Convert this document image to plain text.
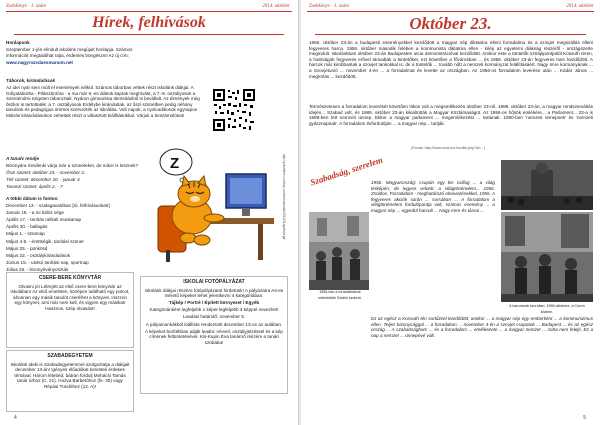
Zsebkönyv · 1. szám	2014. október
Hírek, felhívások

Honlapunk

Szeptember 1-jén elindult iskolánk megújult honlapja. Számos információt megtalálhat rajta, érdemes böngészni! Az új cím:

www.nagyrozsdaesmanum.net

Táborok, kirándulások

Az idei nyár sem múlt el események nélkül. Számos táborban vettek részt iskolánk diákjai. A Gólyatáborba - Pilisszántóra - a ma már 9.-es diákok kaptak meghívást, a 7.-8. osztályosok a Szentendrei szigeten táboroztak. Nyáron gimnazista ökrösításból is bevállalt. Az élmények még őszkor is tartottaték: a 7. osztályosok Erdélybe kirándultak, az őszi szünetben pedig néhány tanulónk és pedagógus örömet szervezték az iskolába. Volt napok, a nyolcadikosok egynapos Mátrás kirándulásokon vehettek részt a választott kiállításokkal. Várjuk a beszámolókat!

A tanulv rendje

Bizonyára mindenki várja már a szüneteket, de mikor is lesznek?

Őszi szünet: október 23. - november 2.

Téli szünet: december 20. - január 4.

Tavaszi szünet: április 2. - 7.

A többi dátum is fontos:

December 13. - szalagavatóban [tó. felhívásunkat!]

Január 16. - a mi hálóz vége

Április 17. - tanítás nélküli munkanap

Április 30. - ballagás

Május 1. - szünnap

Május 4-5. - érettségik, tanítási szünet

Május 25. - pünkösd

Május 22. - osztálykirándulások

Június 15. - utolsó tanítási nap, sportnap

Július 26. - bizonyítványosztás

Z	http://pulsefibre.com/wp-content/uploads/2014/01/garfield.gif
CSERE-BERE KÖNYVTÁR

Olvasni jó! Létrejött az első csere-bere könyvtár az iskolában! Az első emeleten, középen található egy polcot, ahonnan egy másik tanulót cserélhet a könyvet. Hozzon egy könyvet, ami már nem kell, és vigyen egy másikat! Hasznos, szép olvasást!

SZABADEGYETEM

Iskolánk ideki is Szabadegyetemmel szolgoztatja a diákjait december 13-án! Igényes előadókat kerestek érdekes témával. Három létebéd, bátran fordulj Mohácsi Tamás tanár úrhoz (C. 21). Hozva Barbetóhoz (fe. 30) vagy Répási Tündéhez (12. A)!

ISKOLAI FOTÓPÁLYÁZAT

Iskolánk diákjai részére fotópályázatot hirdetünk! A pályázatra A4-es méretű képeket lehet jelentkezni 4 kategóriában:

Tájkép / Portré / Épített környezet / Egyéb

Kategóriánként legfeljebb 1 képet legfeljebb 3 képpel nevezhet!

Leadási határidő: november 5.

A pályamunkákból kiállítás rendezünk december 13-on az aulában.

A képeket borítékban adják leadni: névvel, osztályjelzéssel és a kép címének feltüntetésével. Kis-Kupin Éva tanárnő részére a tanári szobába!

4
Zsebkönyv · 1. szám	2014. október
Október 23.
1956. október 23-án a budapesti eseményekkel kezdődött a magyar nép diktatúra elleni forradalma és a szovjet megszállás elleni fegyveres harca. 1956. október második felében a kommunista diktatúra ellen - kilép az egyetemi diákság részéről - országszerte megindult. Iskolánkban október 23-án Budapesten utcai demonstrációval kezdődött. Amikor este a tüntetők sztrájkpontjaitól Kossuth téren, a hatóságok fegyveres erővel támadták a tüntetőket, ezt követően a fővárosban ... és 1956. október 23-án fegyveres harc kezdődött. A harcok már kirobbantak a szovjet tankokkal is, de a tüntetők ... tovább nőtt a nemzeti kormányzat felállításáért. Nagy Imre kormányának ... a Szovjetunió ... november 4-én ... a forradalmat és levette az országban. Az 1956-os forradalom leverése után ... Kádár János ... megtorlás ... kezdődött.
Természetesen a forradalom leverését követően titkos volt a megemlékezés október 23-ról. 1989. október 23-án, a magyar rendszerváltás idején... Szabad volt, és 1989. október 23-án kikiáltották a Magyar Köztársaságot. Az 1956-os hősök emlékére... a Parlament... 23-a is 1989-ben lett nemzeti ünnep. Ekkor a magyar parlament ... megemlékezést ... tartanak. 1990-ben 'nemzeti ünnepnek' és 'nemzeti gyásznapnak'. A forradalom évfordulóján ... a magyar nép... tartják.
(Forrás: http://www.mult-kor.hu/cikk.php?id=...)
Szabadság, szerelem
1956. Magyarország: csupán egy kis csillag ... a világ térképén, de legyen velünk: a világtörténelem... 1956. Zsoldos. Forradalom - meghatározó elnevezésekkel, 1956. A fegyveres akciók során ... sorsában ... A forradalom a világtörténelem fordulópontja volt, számos esemény ... a magyar nép ... egyedül harcolt ... Nagy Imre és társai ...
1956-ban a forradalmárok ledöntötték Sztálin szobrát.
A harcoknak szorultan. 1956 októbere, a Corvin közben.
Ez az egész a Kossuth téri sortűzzel kezdődött, amikor ... a magyar nép egy emberként ... a kommunizmus ellen. Teljes bizonysággal ... a forradalom ... november 4-én a szovjet csapatok ... Budapest ... és az egész ország ... A szabadságharc ... és a forradalom ... emlékezete ... a magyar nemzet ... soha nem felejti. Ez a nap a nemzet ... ünnepévé vált.
5
